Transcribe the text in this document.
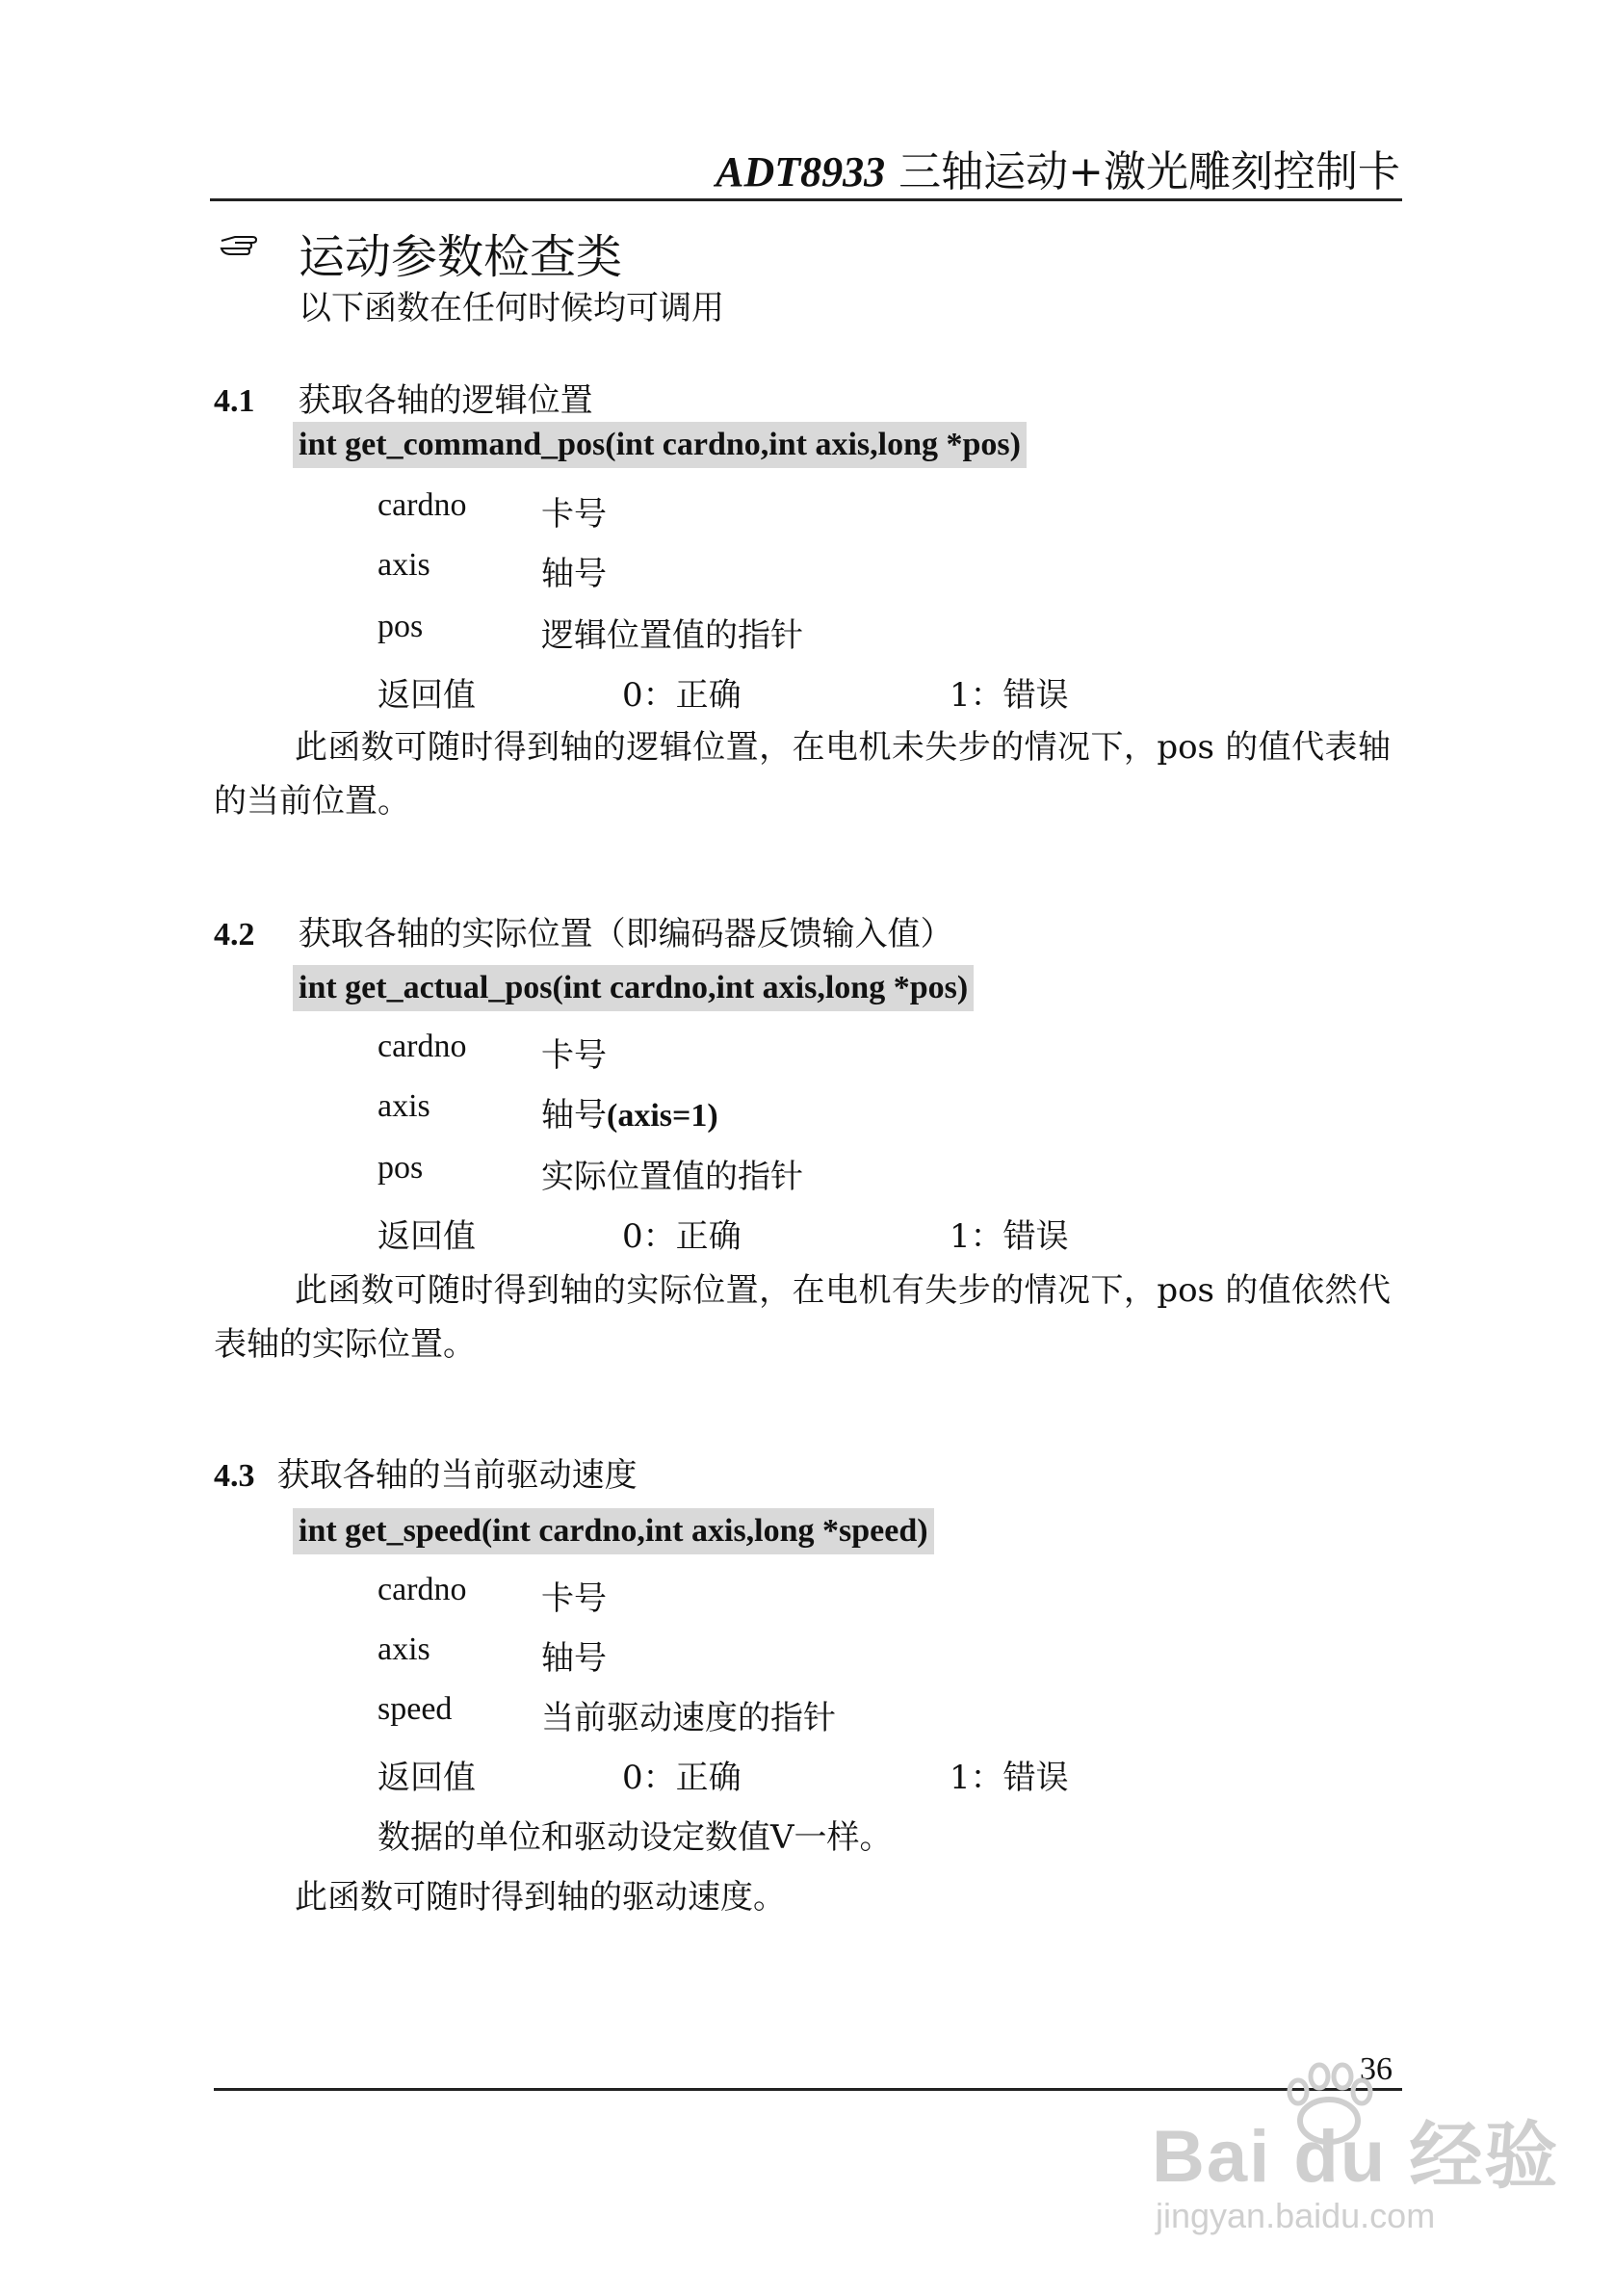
ADT8933 三轴运动+激光雕刻控制卡
运动参数检查类
以下函数在任何时候均可调用
4.1 获取各轴的逻辑位置
int get_command_pos(int cardno,int axis,long *pos)
cardno 卡号
axis	轴号
pos	逻辑位置值的指针
返回值	0：正确	1：错误
此函数可随时得到轴的逻辑位置，在电机未失步的情况下，pos 的值代表轴的当前位置。
4.2 获取各轴的实际位置（即编码器反馈输入值）
int get_actual_pos(int cardno,int axis,long *pos)
cardno 卡号
axis	轴号(axis=1)
pos	实际位置值的指针
返回值	0：正确	1：错误
此函数可随时得到轴的实际位置，在电机有失步的情况下，pos 的值依然代表轴的实际位置。
4.3 获取各轴的当前驱动速度
int get_speed(int cardno,int axis,long *speed)
cardno 卡号
axis	轴号
speed	当前驱动速度的指针
返回值	0：正确	1：错误
数据的单位和驱动设定数值V一样。
此函数可随时得到轴的驱动速度。
36
Bai du 经验
jingyan.baidu.com
